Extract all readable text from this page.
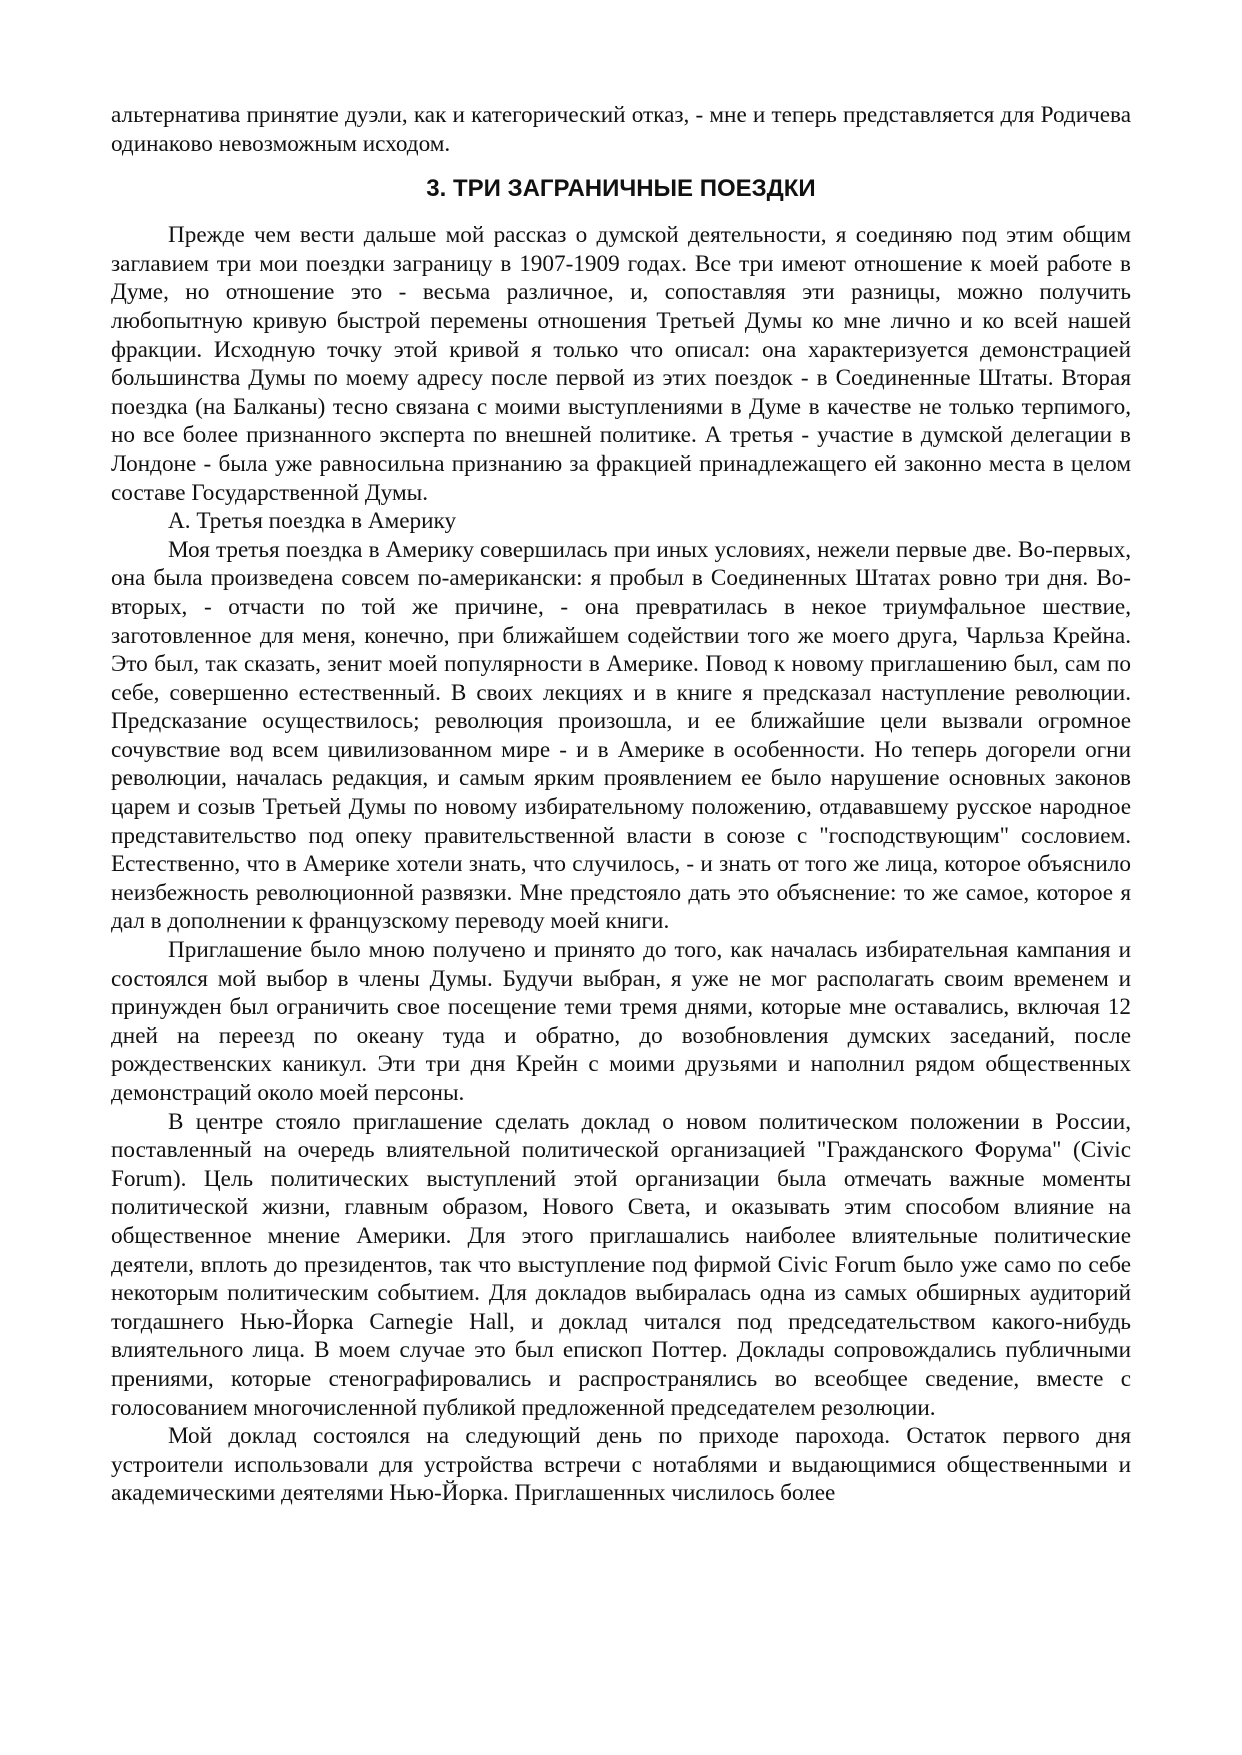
альтернатива принятие дуэли, как и категорический отказ, - мне и теперь представляется для Родичева одинаково невозможным исходом.

3. ТРИ ЗАГРАНИЧНЫЕ ПОЕЗДКИ

Прежде чем вести дальше мой рассказ о думской деятельности, я соединяю под этим общим заглавием три мои поездки заграницу в 1907-1909 годах. Все три имеют отношение к моей работе в Думе, но отношение это - весьма различное, и, сопоставляя эти разницы, можно получить любопытную кривую быстрой перемены отношения Третьей Думы ко мне лично и ко всей нашей фракции. Исходную точку этой кривой я только что описал: она характеризуется демонстрацией большинства Думы по моему адресу после первой из этих поездок - в Соединенные Штаты. Вторая поездка (на Балканы) тесно связана с моими выступлениями в Думе в качестве не только терпимого, но все более признанного эксперта по внешней политике. А третья - участие в думской делегации в Лондоне - была уже равносильна признанию за фракцией принадлежащего ей законно места в целом составе Государственной Думы.

А. Третья поездка в Америку

Моя третья поездка в Америку совершилась при иных условиях, нежели первые две. Во-первых, она была произведена совсем по-американски: я пробыл в Соединенных Штатах ровно три дня. Во-вторых, - отчасти по той же причине, - она превратилась в некое триумфальное шествие, заготовленное для меня, конечно, при ближайшем содействии того же моего друга, Чарльза Крейна. Это был, так сказать, зенит моей популярности в Америке. Повод к новому приглашению был, сам по себе, совершенно естественный. В своих лекциях и в книге я предсказал наступление революции. Предсказание осуществилось; революция произошла, и ее ближайшие цели вызвали огромное сочувствие вод всем цивилизованном мире - и в Америке в особенности. Но теперь догорели огни революции, началась редакция, и самым ярким проявлением ее было нарушение основных законов царем и созыв Третьей Думы по новому избирательному положению, отдававшему русское народное представительство под опеку правительственной власти в союзе с "господствующим" сословием. Естественно, что в Америке хотели знать, что случилось, - и знать от того же лица, которое объяснило неизбежность революционной развязки. Мне предстояло дать это объяснение: то же самое, которое я дал в дополнении к французскому переводу моей книги.

Приглашение было мною получено и принято до того, как началась избирательная кампания и состоялся мой выбор в члены Думы. Будучи выбран, я уже не мог располагать своим временем и принужден был ограничить свое посещение теми тремя днями, которые мне оставались, включая 12 дней на переезд по океану туда и обратно, до возобновления думских заседаний, после рождественских каникул. Эти три дня Крейн с моими друзьями и наполнил рядом общественных демонстраций около моей персоны.

В центре стояло приглашение сделать доклад о новом политическом положении в России, поставленный на очередь влиятельной политической организацией "Гражданского Форума" (Civic Forum). Цель политических выступлений этой организации была отмечать важные моменты политической жизни, главным образом, Нового Света, и оказывать этим способом влияние на общественное мнение Америки. Для этого приглашались наиболее влиятельные политические деятели, вплоть до президентов, так что выступление под фирмой Civic Forum было уже само по себе некоторым политическим событием. Для докладов выбиралась одна из самых обширных аудиторий тогдашнего Нью-Йорка Carnegie Hall, и доклад читался под председательством какого-нибудь влиятельного лица. В моем случае это был епископ Поттер. Доклады сопровождались публичными прениями, которые стенографировались и распространялись во всеобщее сведение, вместе с голосованием многочисленной публикой предложенной председателем резолюции.

Мой доклад состоялся на следующий день по приходе парохода. Остаток первого дня устроители использовали для устройства встречи с нотаблями и выдающимися общественными и академическими деятелями Нью-Йорка. Приглашенных числилось более
